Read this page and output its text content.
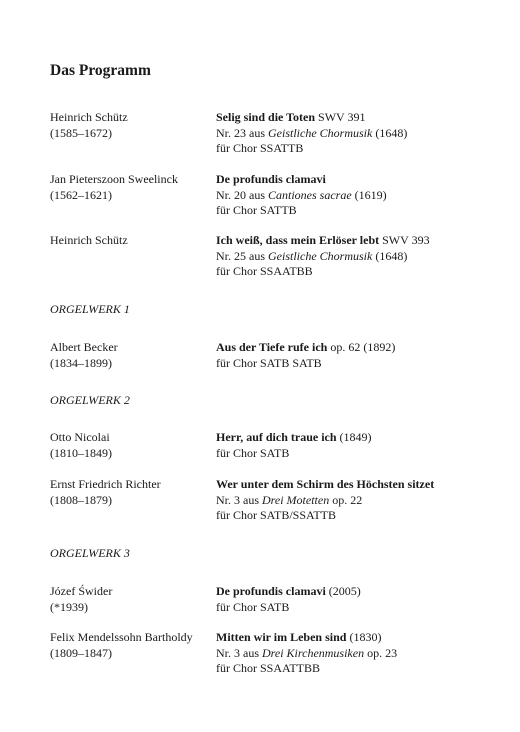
Das Programm
Heinrich Schütz
(1585–1672)
Selig sind die Toten SWV 391
Nr. 23 aus Geistliche Chormusik (1648)
für Chor SSATTB
Jan Pieterszoon Sweelinck
(1562–1621)
De profundis clamavi
Nr. 20 aus Cantiones sacrae (1619)
für Chor SATTB
Heinrich Schütz	Ich weiß, dass mein Erlöser lebt SWV 393
Nr. 25 aus Geistliche Chormusik (1648)
für Chor SSAATBB
ORGELWERK 1
Albert Becker
(1834–1899)
Aus der Tiefe rufe ich op. 62 (1892)
für Chor SATB SATB
ORGELWERK 2
Otto Nicolai
(1810–1849)
Herr, auf dich traue ich (1849)
für Chor SATB
Ernst Friedrich Richter
(1808–1879)
Wer unter dem Schirm des Höchsten sitzet
Nr. 3 aus Drei Motetten op. 22
für Chor SATB/SSATTB
ORGELWERK 3
Józef Świder
(*1939)
De profundis clamavi (2005)
für Chor SATB
Felix Mendelssohn Bartholdy
(1809–1847)
Mitten wir im Leben sind (1830)
Nr. 3 aus Drei Kirchenmusiken op. 23
für Chor SSAATTBB
